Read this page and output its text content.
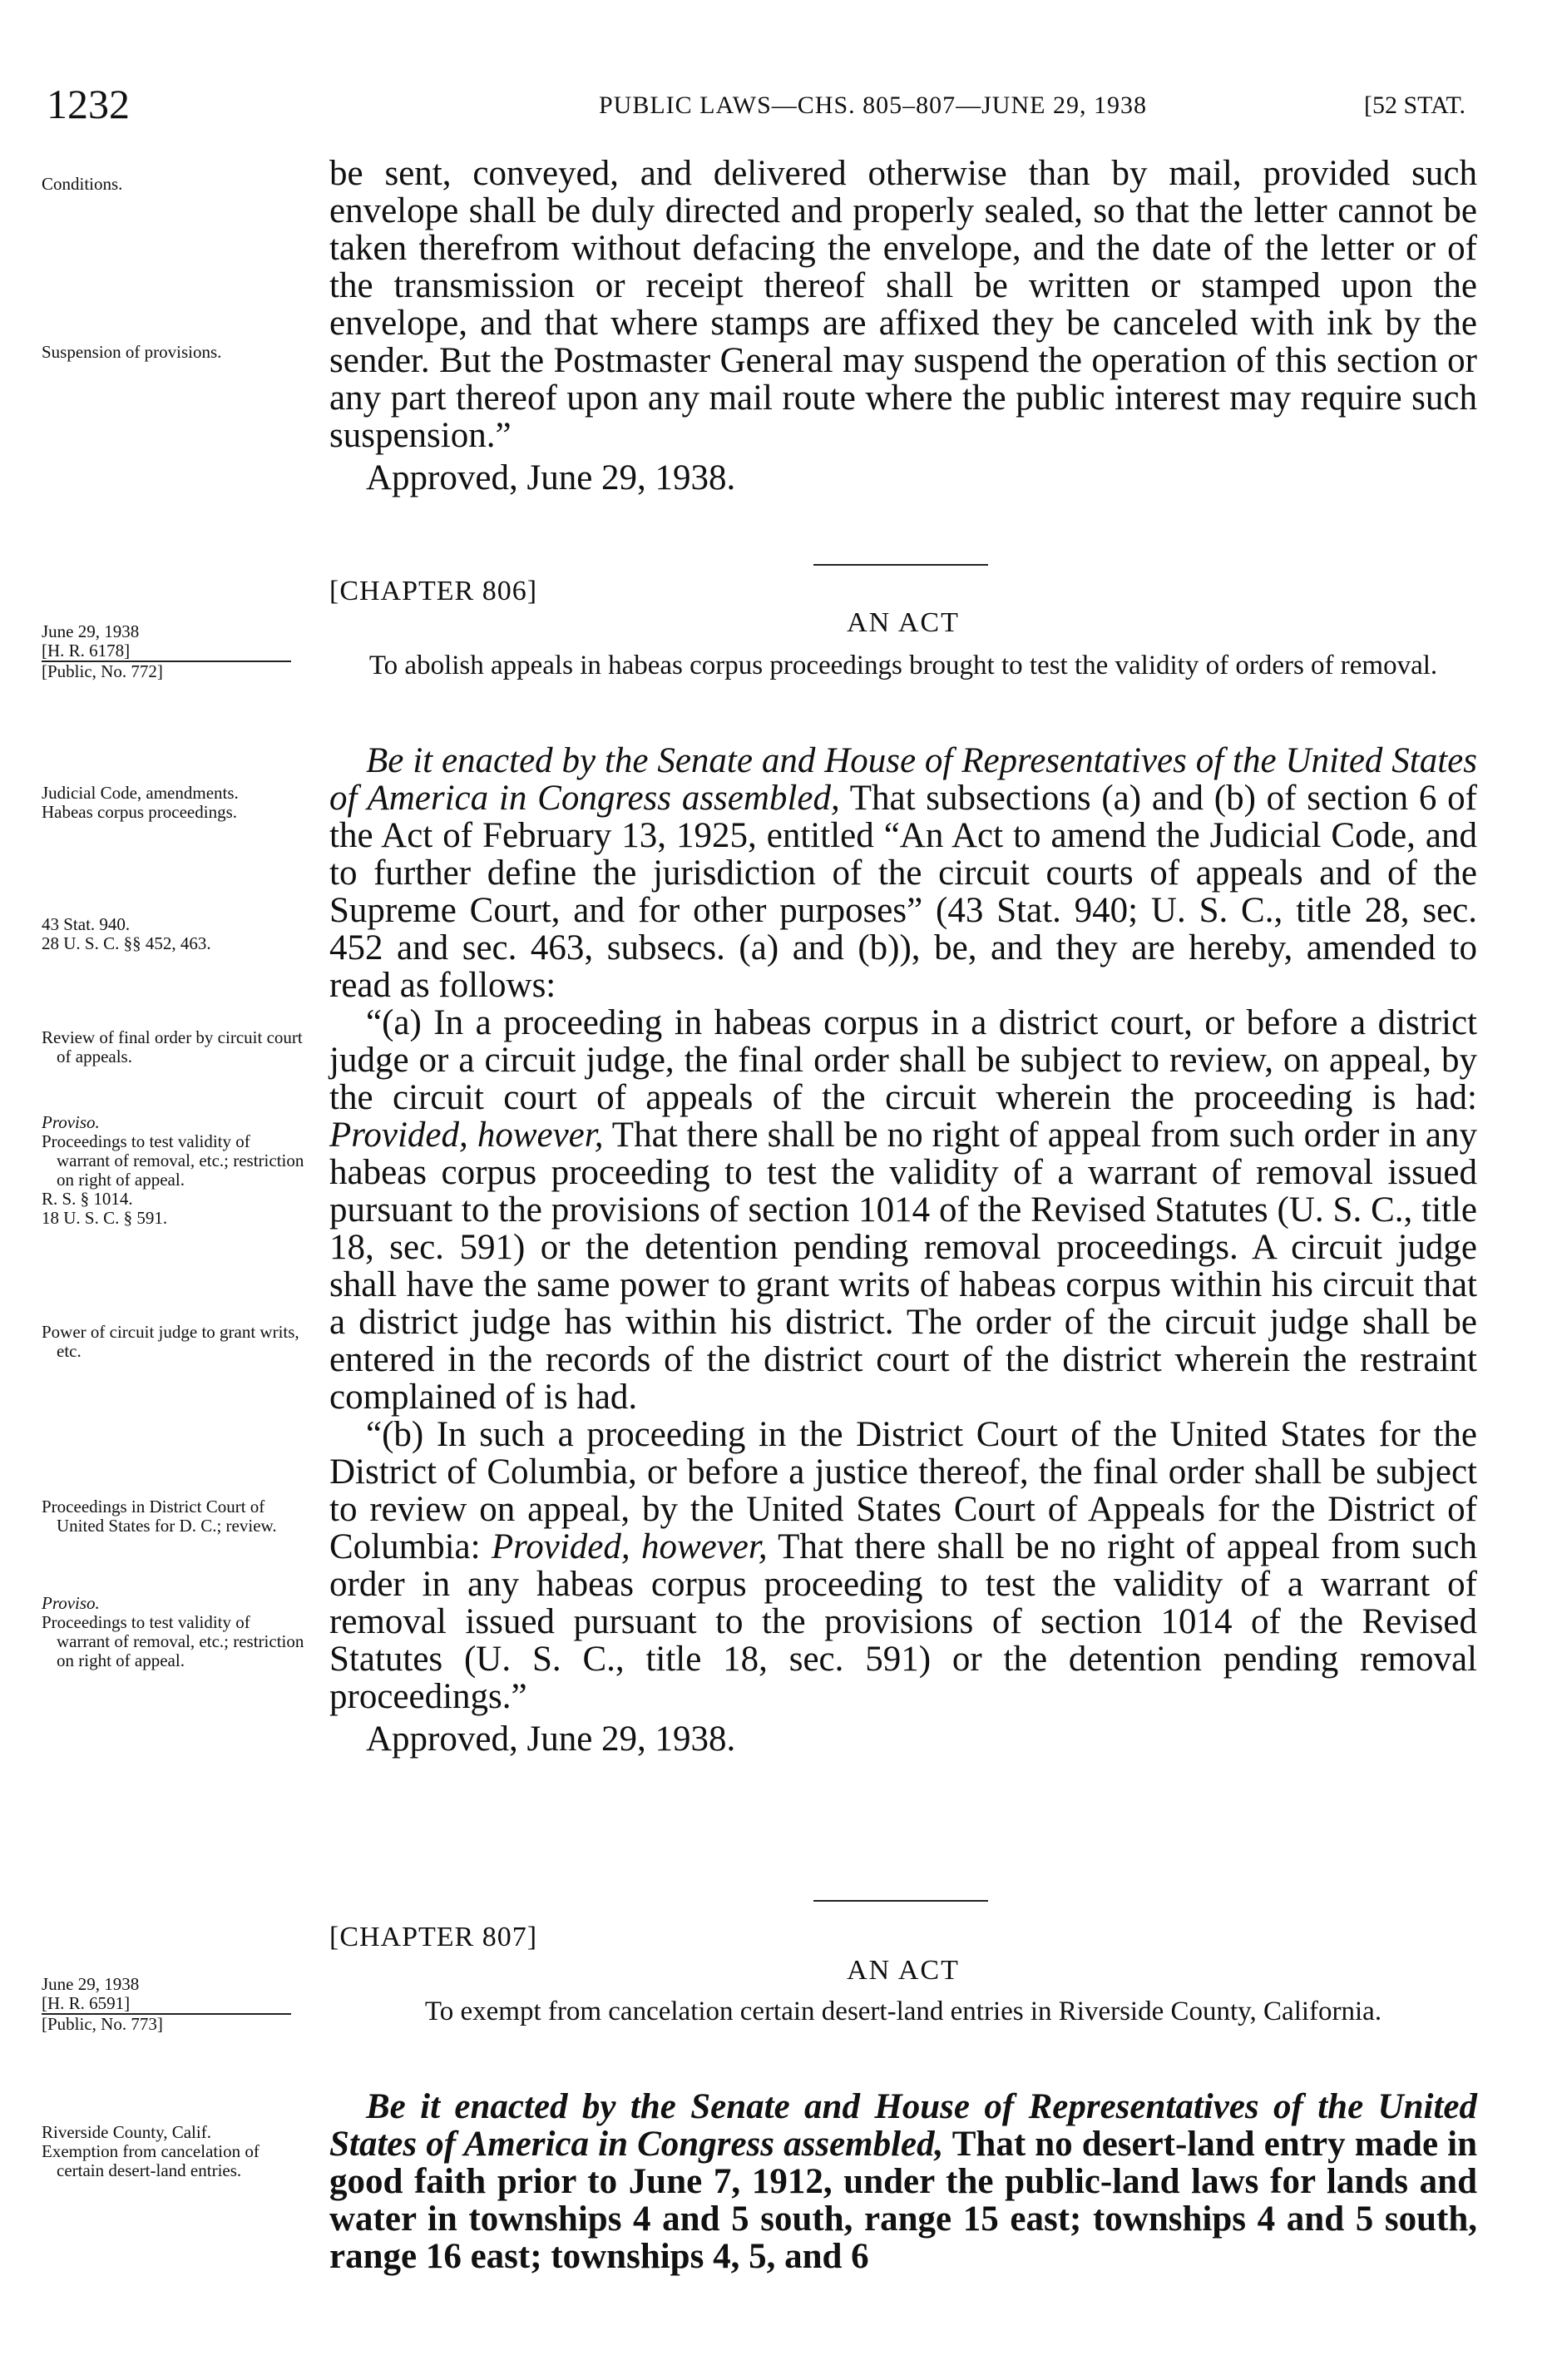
1232	PUBLIC LAWS—CHS. 805–807—JUNE 29, 1938	[52 STAT.

Conditions.

Suspension of provisions.

be sent, conveyed, and delivered otherwise than by mail, provided such envelope shall be duly directed and properly sealed, so that the letter cannot be taken therefrom without defacing the envelope, and the date of the letter or of the transmission or receipt thereof shall be written or stamped upon the envelope, and that where stamps are affixed they be canceled with ink by the sender. But the Postmaster General may suspend the operation of this section or any part thereof upon any mail route where the public interest may require such suspension.”

Approved, June 29, 1938.

[CHAPTER 806]
AN ACT
To abolish appeals in habeas corpus proceedings brought to test the validity of orders of removal.

June 29, 1938

[H. R. 6178]

[Public, No. 772]

Judicial Code, amendments.

Habeas corpus proceedings.

43 Stat. 940.

28 U. S. C. §§ 452, 463.

Review of final order by circuit court of appeals.

Proviso.

Proceedings to test validity of warrant of removal, etc.; restriction on right of appeal.

R. S. § 1014.

18 U. S. C. § 591.

Power of circuit judge to grant writs, etc.

Proceedings in District Court of United States for D. C.; review.

Proviso.

Proceedings to test validity of warrant of removal, etc.; restriction on right of appeal.

Be it enacted by the Senate and House of Representatives of the United States of America in Congress assembled, That subsections (a) and (b) of section 6 of the Act of February 13, 1925, entitled “An Act to amend the Judicial Code, and to further define the jurisdiction of the circuit courts of appeals and of the Supreme Court, and for other purposes” (43 Stat. 940; U. S. C., title 28, sec. 452 and sec. 463, subsecs. (a) and (b)), be, and they are hereby, amended to read as follows:

“(a) In a proceeding in habeas corpus in a district court, or before a district judge or a circuit judge, the final order shall be subject to review, on appeal, by the circuit court of appeals of the circuit wherein the proceeding is had: Provided, however, That there shall be no right of appeal from such order in any habeas corpus proceeding to test the validity of a warrant of removal issued pursuant to the provisions of section 1014 of the Revised Statutes (U. S. C., title 18, sec. 591) or the detention pending removal proceedings. A circuit judge shall have the same power to grant writs of habeas corpus within his circuit that a district judge has within his district. The order of the circuit judge shall be entered in the records of the district court of the district wherein the restraint complained of is had.

“(b) In such a proceeding in the District Court of the United States for the District of Columbia, or before a justice thereof, the final order shall be subject to review on appeal, by the United States Court of Appeals for the District of Columbia: Provided, however, That there shall be no right of appeal from such order in any habeas corpus proceeding to test the validity of a warrant of removal issued pursuant to the provisions of section 1014 of the Revised Statutes (U. S. C., title 18, sec. 591) or the detention pending removal proceedings.”

Approved, June 29, 1938.

[CHAPTER 807]
AN ACT
To exempt from cancelation certain desert-land entries in Riverside County, California.

June 29, 1938

[H. R. 6591]

[Public, No. 773]

Riverside County, Calif.

Exemption from cancelation of certain desert-land entries.

Be it enacted by the Senate and House of Representatives of the United States of America in Congress assembled, That no desert-land entry made in good faith prior to June 7, 1912, under the public-land laws for lands and water in townships 4 and 5 south, range 15 east; townships 4 and 5 south, range 16 east; townships 4, 5, and 6
